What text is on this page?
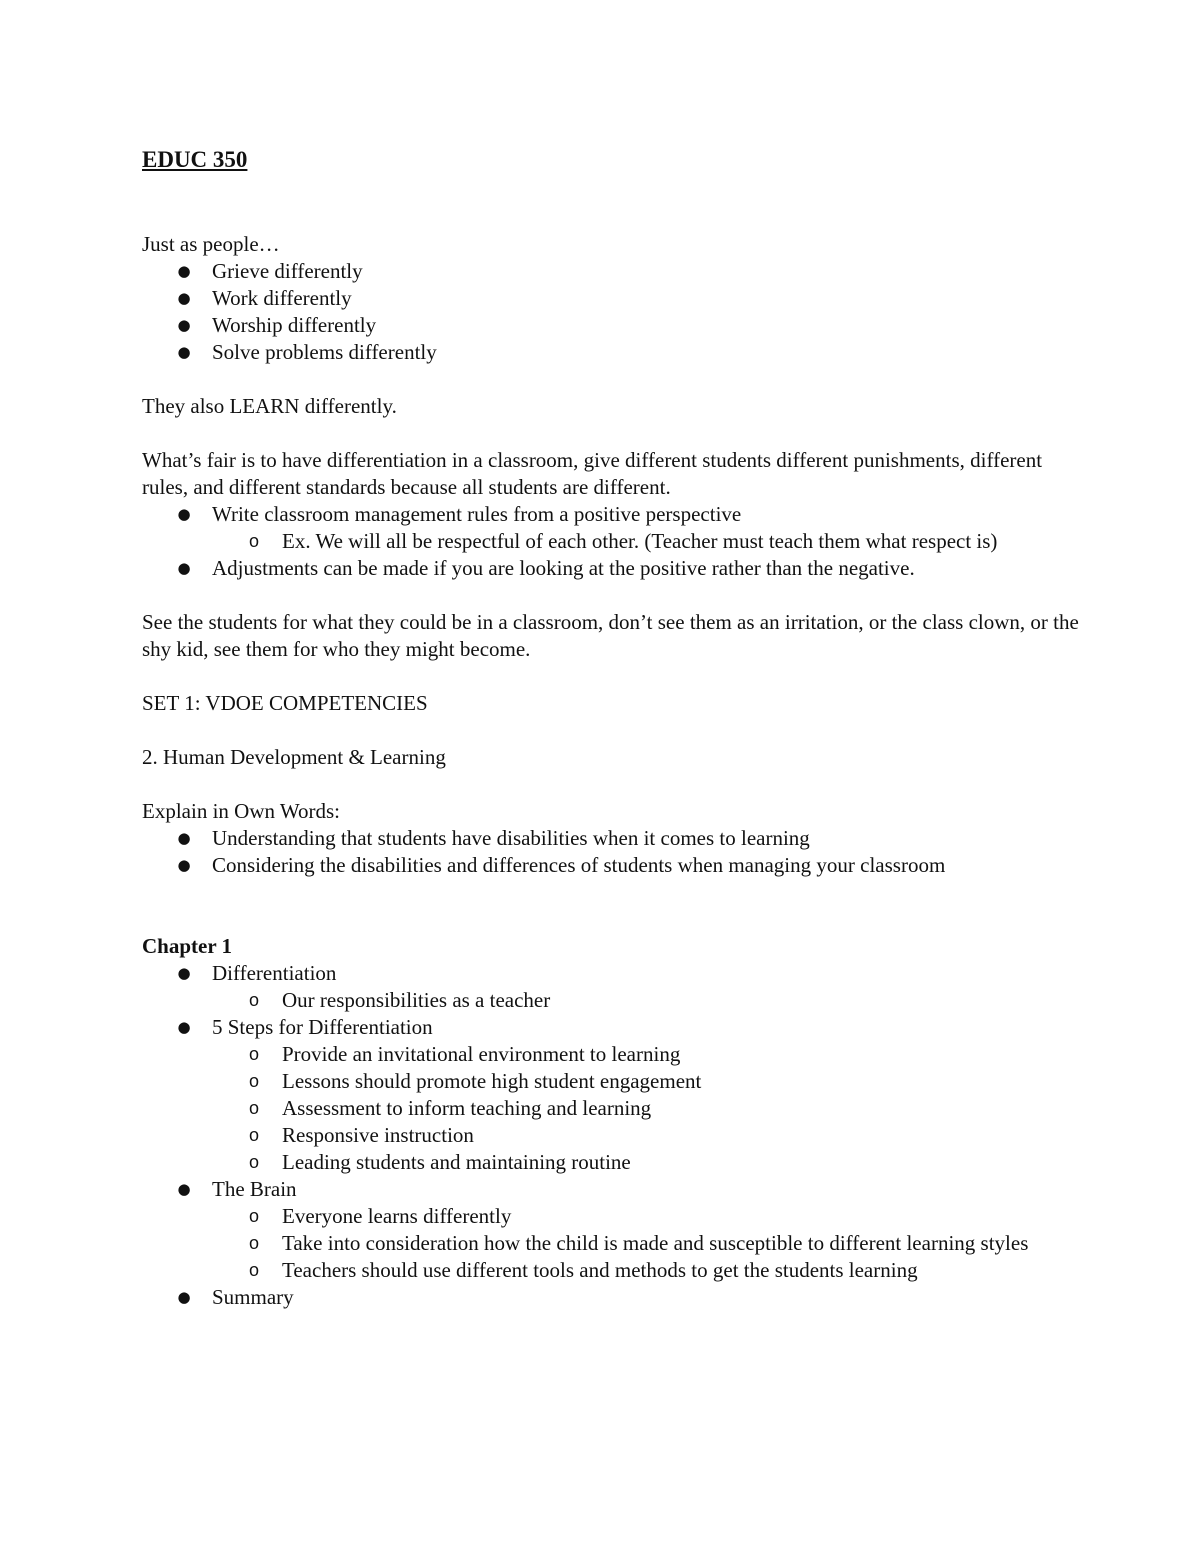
EDUC 350

Just as people…

● Grieve differently
● Work differently
● Worship differently
● Solve problems differently

They also LEARN differently.

What’s fair is to have differentiation in a classroom, give different students different punishments, different rules, and different standards because all students are different.

● Write classroom management rules from a positive perspective
o Ex. We will all be respectful of each other. (Teacher must teach them what respect is)
● Adjustments can be made if you are looking at the positive rather than the negative.

See the students for what they could be in a classroom, don’t see them as an irritation, or the class clown, or the shy kid, see them for who they might become.

SET 1: VDOE COMPETENCIES

2. Human Development & Learning

Explain in Own Words:

● Understanding that students have disabilities when it comes to learning
● Considering the disabilities and differences of students when managing your classroom

Chapter 1

● Differentiation
o Our responsibilities as a teacher
● 5 Steps for Differentiation
o Provide an invitational environment to learning
o Lessons should promote high student engagement
o Assessment to inform teaching and learning
o Responsive instruction
o Leading students and maintaining routine
● The Brain
o Everyone learns differently
o Take into consideration how the child is made and susceptible to different learning styles
o Teachers should use different tools and methods to get the students learning
● Summary
